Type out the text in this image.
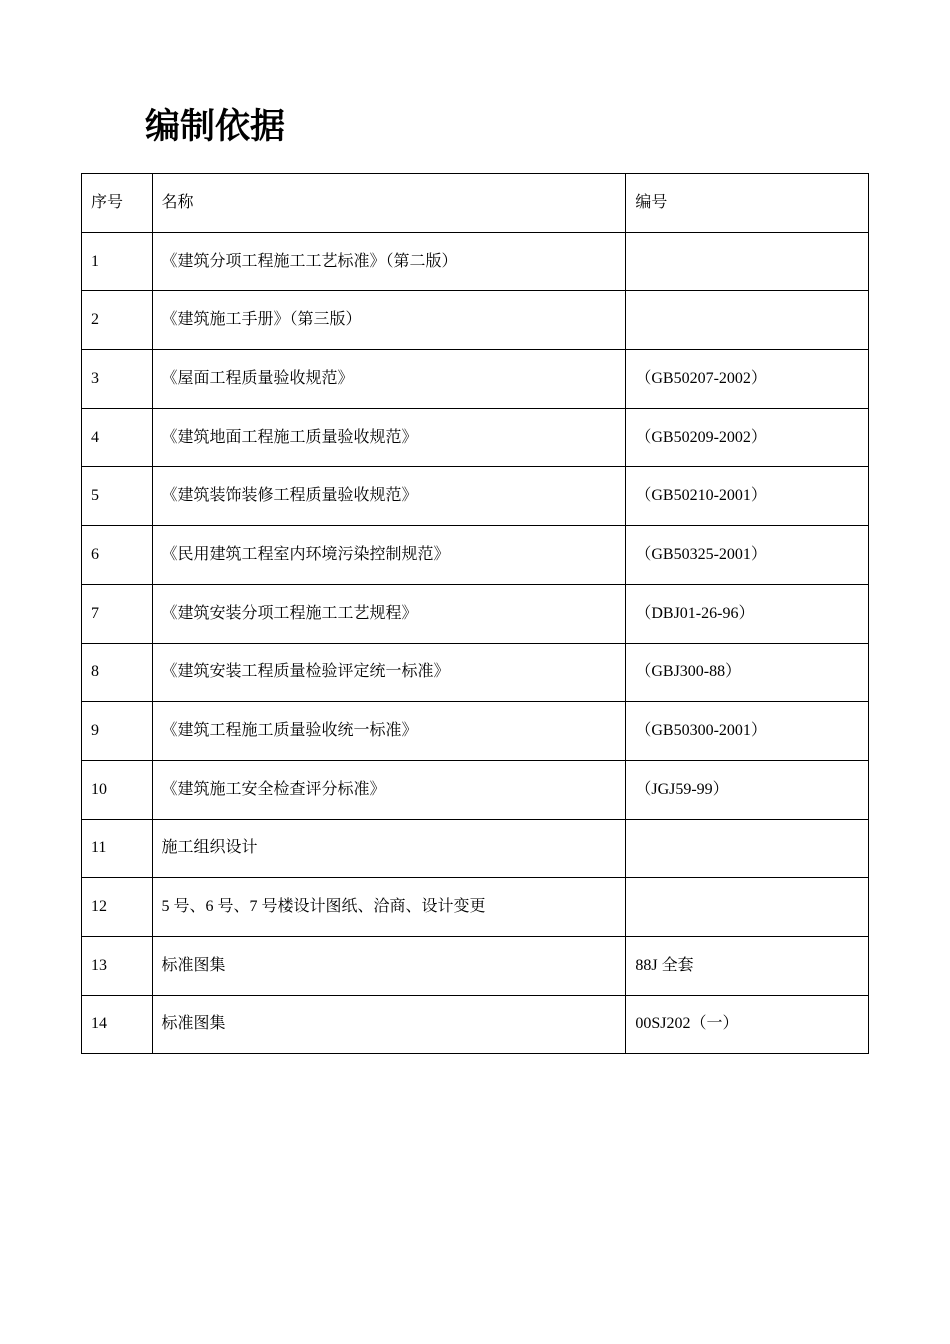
编制依据
序号	名称	编号
1	《建筑分项工程施工工艺标准》（第二版）	
2	《建筑施工手册》（第三版）	
3	《屋面工程质量验收规范》	（GB50207-2002）
4	《建筑地面工程施工质量验收规范》	（GB50209-2002）
5	《建筑装饰装修工程质量验收规范》	（GB50210-2001）
6	《民用建筑工程室内环境污染控制规范》	（GB50325-2001）
7	《建筑安装分项工程施工工艺规程》	（DBJ01-26-96）
8	《建筑安装工程质量检验评定统一标准》	（GBJ300-88）
9	《建筑工程施工质量验收统一标准》	（GB50300-2001）
10	《建筑施工安全检查评分标准》	（JGJ59-99）
11	施工组织设计	
12	5 号、6 号、7 号楼设计图纸、洽商、设计变更	
13	标准图集	88J 全套
14	标准图集	00SJ202（一）
